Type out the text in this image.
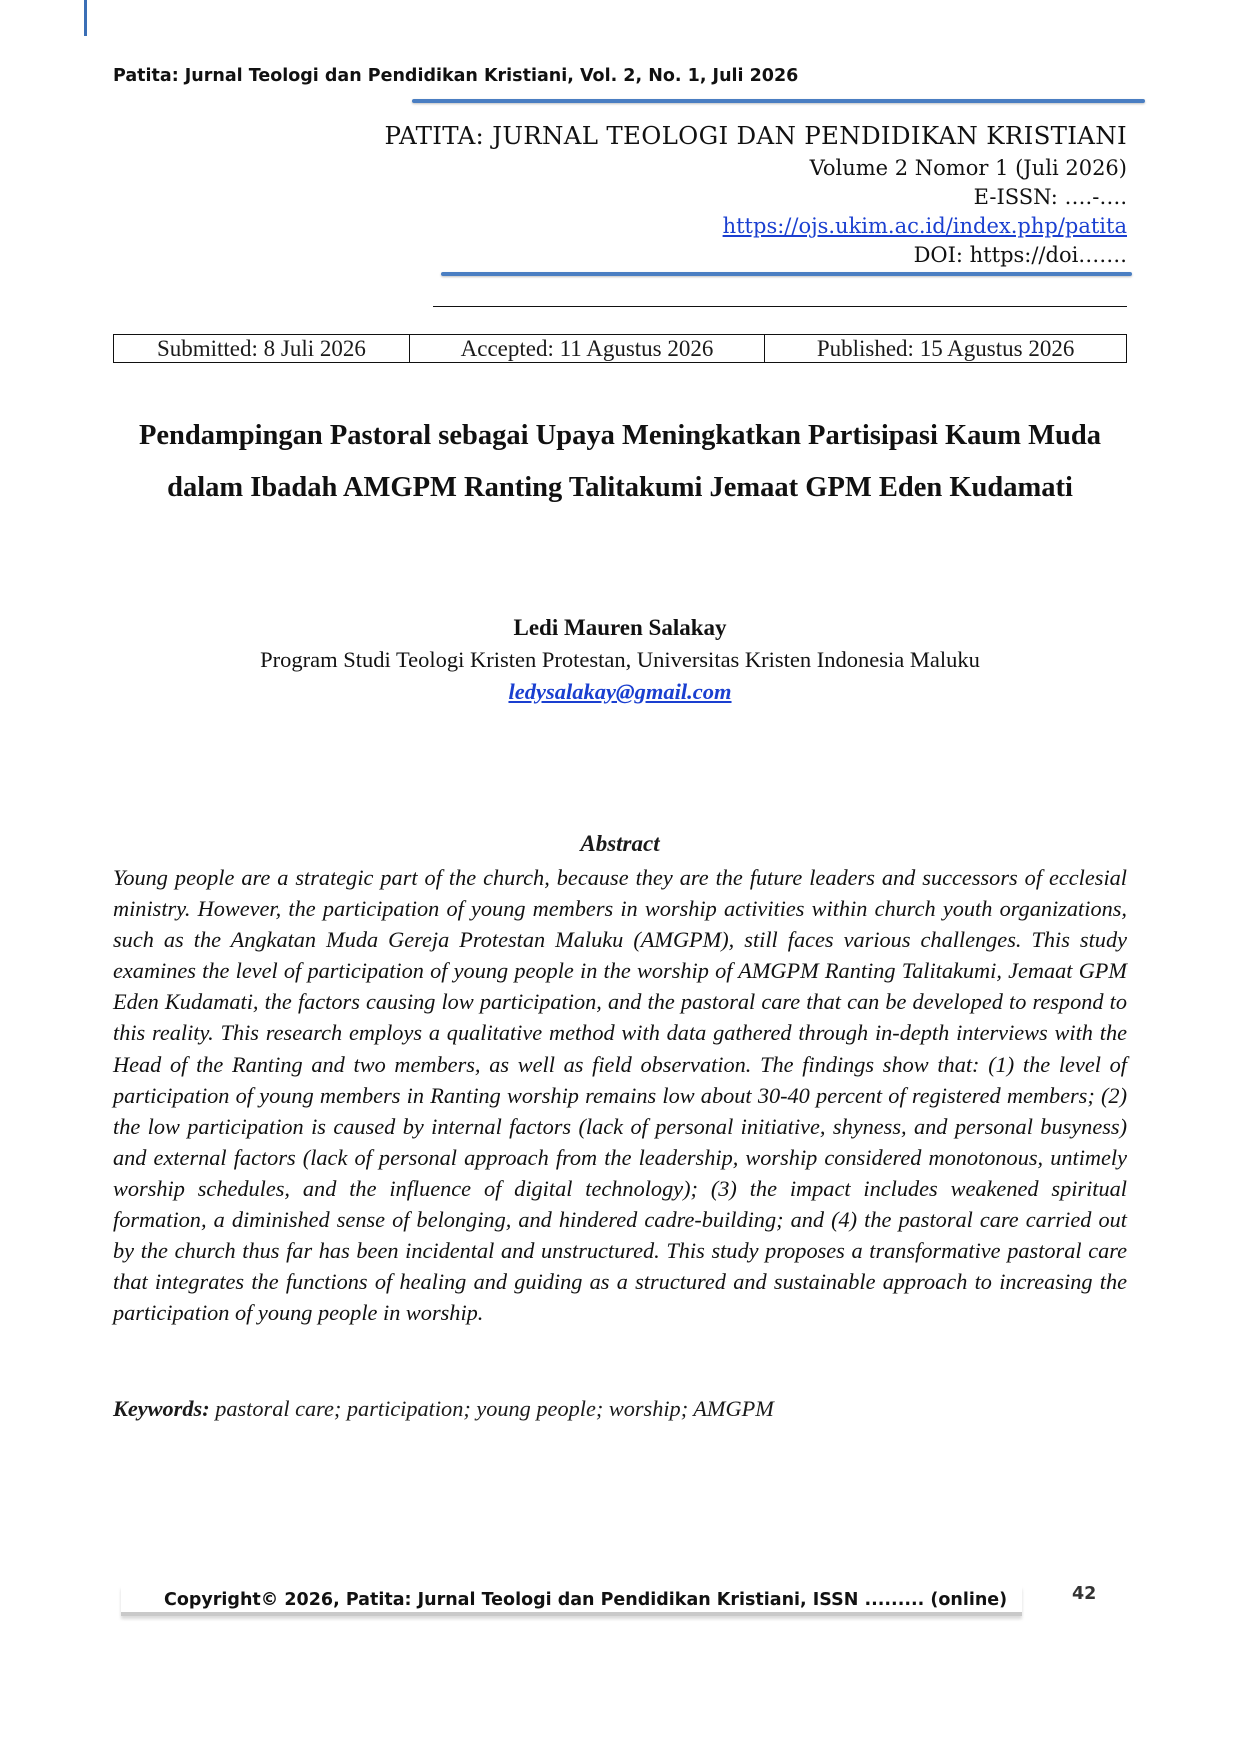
Patita: Jurnal Teologi dan Pendidikan Kristiani, Vol. 2, No. 1, Juli 2026
PATITA: JURNAL TEOLOGI DAN PENDIDIKAN KRISTIANI
Volume 2 Nomor 1 (Juli 2026)
E-ISSN: ….-….
https://ojs.ukim.ac.id/index.php/patita
DOI: https://doi…….
Submitted: 8 Juli 2026	Accepted: 11 Agustus 2026	Published: 15 Agustus 2026
Pendampingan Pastoral sebagai Upaya Meningkatkan Partisipasi Kaum Muda
dalam Ibadah AMGPM Ranting Talitakumi Jemaat GPM Eden Kudamati
Ledi Mauren Salakay
Program Studi Teologi Kristen Protestan, Universitas Kristen Indonesia Maluku
ledysalakay@gmail.com
Abstract

Young people are a strategic part of the church, because they are the future leaders and successors of ecclesial ministry. However, the participation of young members in worship activities within church youth organizations, such as the Angkatan Muda Gereja Protestan Maluku (AMGPM), still faces various challenges. This study examines the level of participation of young people in the worship of AMGPM Ranting Talitakumi, Jemaat GPM Eden Kudamati, the factors causing low participation, and the pastoral care that can be developed to respond to this reality. This research employs a qualitative method with data gathered through in-depth interviews with the Head of the Ranting and two members, as well as field observation. The findings show that: (1) the level of participation of young members in Ranting worship remains low about 30-40 percent of registered members; (2) the low participation is caused by internal factors (lack of personal initiative, shyness, and personal busyness) and external factors (lack of personal approach from the leadership, worship considered monotonous, untimely worship schedules, and the influence of digital technology); (3) the impact includes weakened spiritual formation, a diminished sense of belonging, and hindered cadre-building; and (4) the pastoral care carried out by the church thus far has been incidental and unstructured. This study proposes a transformative pastoral care that integrates the functions of healing and guiding as a structured and sustainable approach to increasing the participation of young people in worship.

Keywords: pastoral care; participation; young people; worship; AMGPM
Copyright© 2026, Patita: Jurnal Teologi dan Pendidikan Kristiani, ISSN ......... (online)	42
